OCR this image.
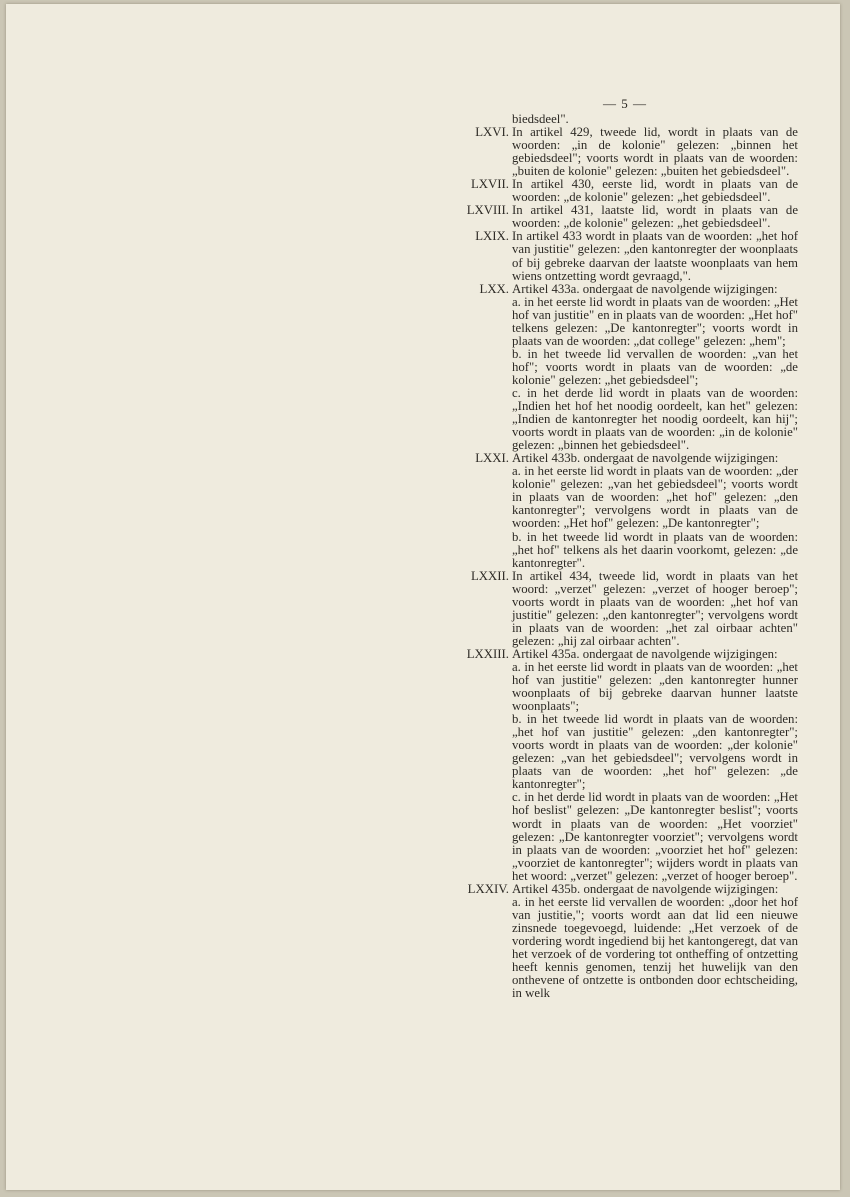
— 5 —
biedsdeel".
LXVI. In artikel 429, tweede lid, wordt in plaats van de woorden: „in de kolonie" gelezen: „binnen het gebiedsdeel"; voorts wordt in plaats van de woorden: „buiten de kolonie" gelezen: „buiten het gebiedsdeel".
LXVII. In artikel 430, eerste lid, wordt in plaats van de woorden: „de kolonie" gelezen: „het gebiedsdeel".
LXVIII. In artikel 431, laatste lid, wordt in plaats van de woorden: „de kolonie" gelezen: „het gebiedsdeel".
LXIX. In artikel 433 wordt in plaats van de woorden: „het hof van justitie" gelezen: „den kantonregter der woonplaats of bij gebreke daarvan der laatste woonplaats van hem wiens ontzetting wordt gevraagd,".
LXX. Artikel 433a. ondergaat de navolgende wijzigingen:
a. in het eerste lid wordt in plaats van de woorden: „Het hof van justitie" en in plaats van de woorden: „Het hof" telkens gelezen: „De kantonregter"; voorts wordt in plaats van de woorden: „dat college" gelezen: „hem";
b. in het tweede lid vervallen de woorden: „van het hof"; voorts wordt in plaats van de woorden: „de kolonie" gelezen: „het gebiedsdeel";
c. in het derde lid wordt in plaats van de woorden: „Indien het hof het noodig oordeelt, kan het" gelezen: „Indien de kantonregter het noodig oordeelt, kan hij"; voorts wordt in plaats van de woorden: „in de kolonie" gelezen: „binnen het gebiedsdeel".
LXXI. Artikel 433b. ondergaat de navolgende wijzigingen:
a. in het eerste lid wordt in plaats van de woorden: „der kolonie" gelezen: „van het gebiedsdeel"; voorts wordt in plaats van de woorden: „het hof" gelezen: „den kantonregter"; vervolgens wordt in plaats van de woorden: „Het hof" gelezen: „De kantonregter";
b. in het tweede lid wordt in plaats van de woorden: „het hof" telkens als het daarin voorkomt, gelezen: „de kantonregter".
LXXII. In artikel 434, tweede lid, wordt in plaats van het woord: „verzet" gelezen: „verzet of hooger beroep"; voorts wordt in plaats van de woorden: „het hof van justitie" gelezen: „den kantonregter"; vervolgens wordt in plaats van de woorden: „het zal oirbaar achten" gelezen: „hij zal oirbaar achten".
LXXIII. Artikel 435a. ondergaat de navolgende wijzigingen:
a. in het eerste lid wordt in plaats van de woorden: „het hof van justitie" gelezen: „den kantonregter hunner woonplaats of bij gebreke daarvan hunner laatste woonplaats";
b. in het tweede lid wordt in plaats van de woorden: „het hof van justitie" gelezen: „den kantonregter"; voorts wordt in plaats van de woorden: „der kolonie" gelezen: „van het gebiedsdeel"; vervolgens wordt in plaats van de woorden: „het hof" gelezen: „de kantonregter";
c. in het derde lid wordt in plaats van de woorden: „Het hof beslist" gelezen: „De kantonregter beslist"; voorts wordt in plaats van de woorden: „Het voorziet" gelezen: „De kantonregter voorziet"; vervolgens wordt in plaats van de woorden: „voorziet het hof" gelezen: „voorziet de kantonregter"; wijders wordt in plaats van het woord: „verzet" gelezen: „verzet of hooger beroep".
LXXIV. Artikel 435b. ondergaat de navolgende wijzigingen:
a. in het eerste lid vervallen de woorden: „door het hof van justitie,"; voorts wordt aan dat lid een nieuwe zinsnede toegevoegd, luidende: „Het verzoek of de vordering wordt ingediend bij het kantongeregt, dat van het verzoek of de vordering tot ontheffing of ontzetting heeft kennis genomen, tenzij het huwelijk van den onthevene of ontzette is ontbonden door echtscheiding, in welk
